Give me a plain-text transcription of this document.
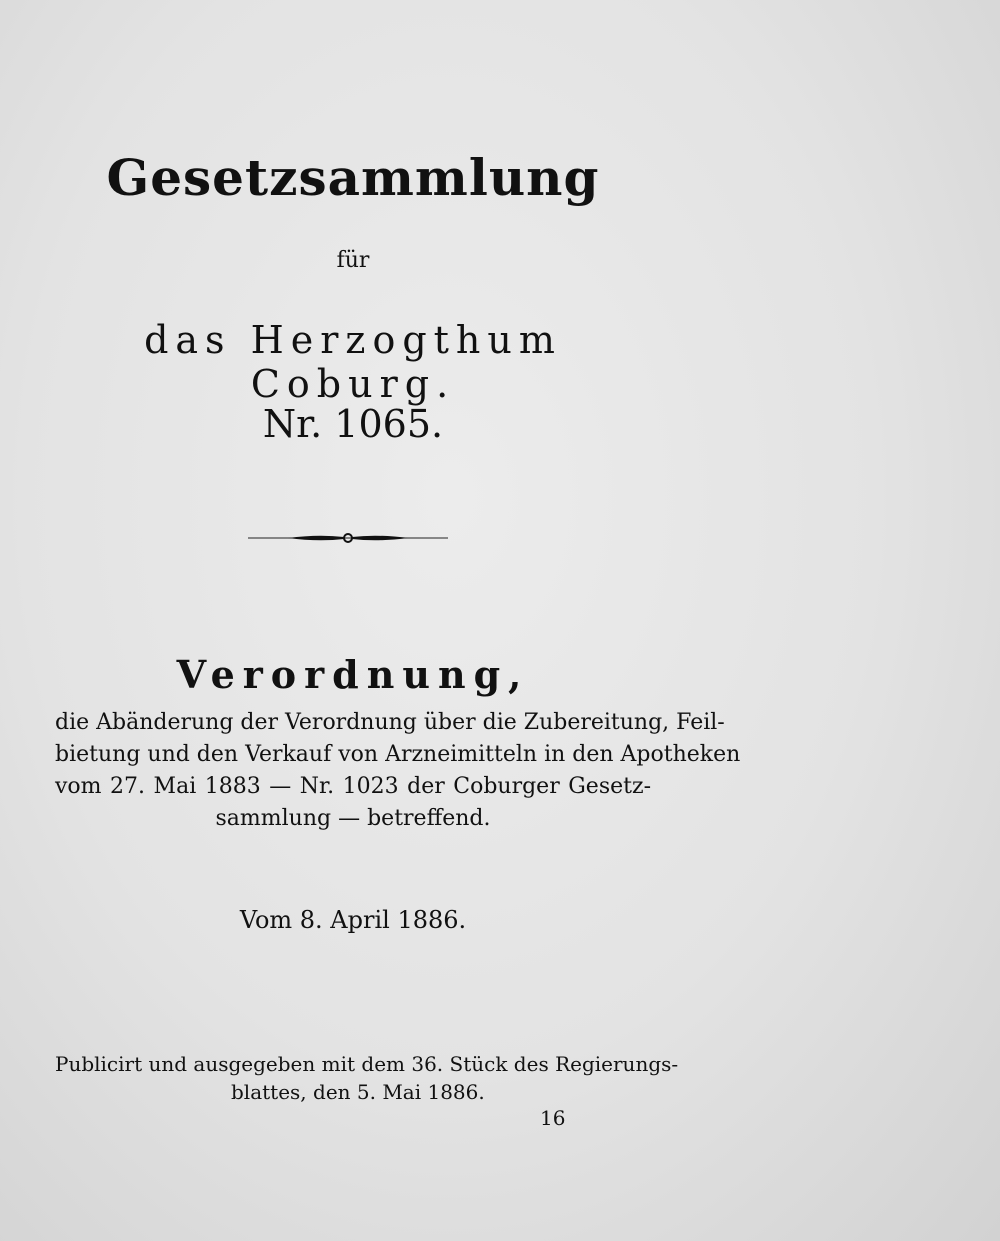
Gesetzsammlung
für
das Herzogthum Coburg.
Nr. 1065.
Verordnung,
die Abänderung der Verordnung über die Zubereitung, Feil-
bietung und den Verkauf von Arzneimitteln in den Apotheken
vom 27. Mai 1883 — Nr. 1023 der Coburger Gesetz-
sammlung — betreffend.
Vom 8. April 1886.
Publicirt und ausgegeben mit dem 36. Stück des Regierungs-
blattes, den 5. Mai 1886.
16
